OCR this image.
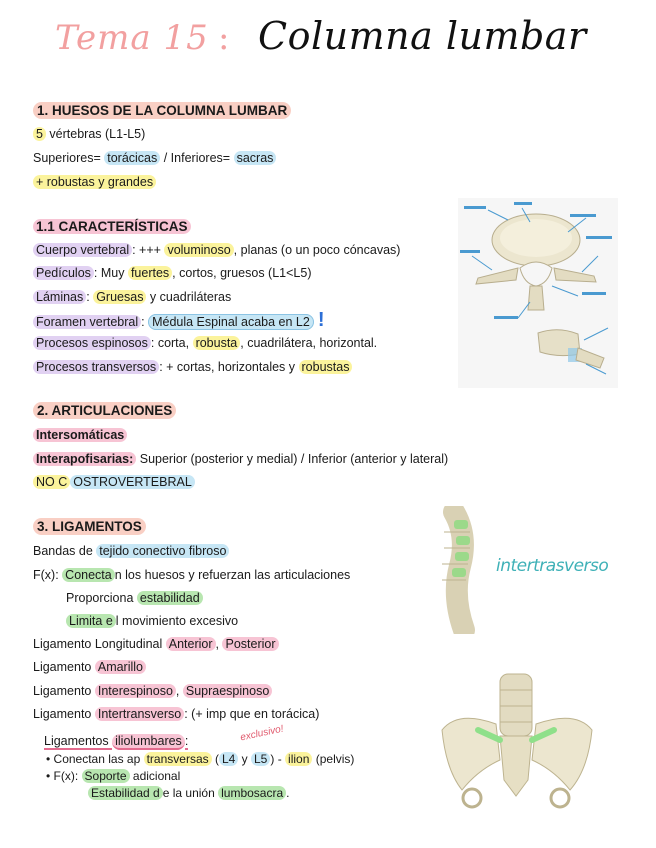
Tema 15 : Columna lumbar
1. HUESOS DE LA COLUMNA LUMBAR
5 vértebras (L1-L5)
Superiores= torácicas / Inferiores= sacras
+ robustas y grandes
1.1 CARACTERÍSTICAS
Cuerpo vertebral : +++ voluminoso , planas (o un poco cóncavas)
Pedículos : Muy fuertes , cortos, gruesos (L1<L5)
Láminas : Gruesas y cuadriláteras
Foramen vertebral : Médula Espinal acaba en L2 !
Procesos espinosos : corta, robusta , cuadrilátera, horizontal.
Procesos transversos : + cortas, horizontales y robustas
2. ARTICULACIONES
Intersomáticas
Interapofisarias: Superior (posterior y medial) / Inferior (anterior y lateral)
NO C OSTROVERTEBRAL
3. LIGAMENTOS
Bandas de tejido conectivo fibroso
F(x): Conecta n los huesos y refuerzan las articulaciones
Proporciona estabilidad
Limita e l movimiento excesivo
Ligamento Longitudinal Anterior , Posterior
Ligamento Amarillo
Ligamento Interespinoso , Supraespinoso
Ligamento Intertransverso : (+ imp que en torácica)
Ligamentos iliolumbares :	exclusivo!
• Conectan las ap transversas ( L4 y L5 ) - ilion (pelvis)
• F(x): Soporte adicional
Estabilidad d e la unión lumbosacra .
intertrasverso
